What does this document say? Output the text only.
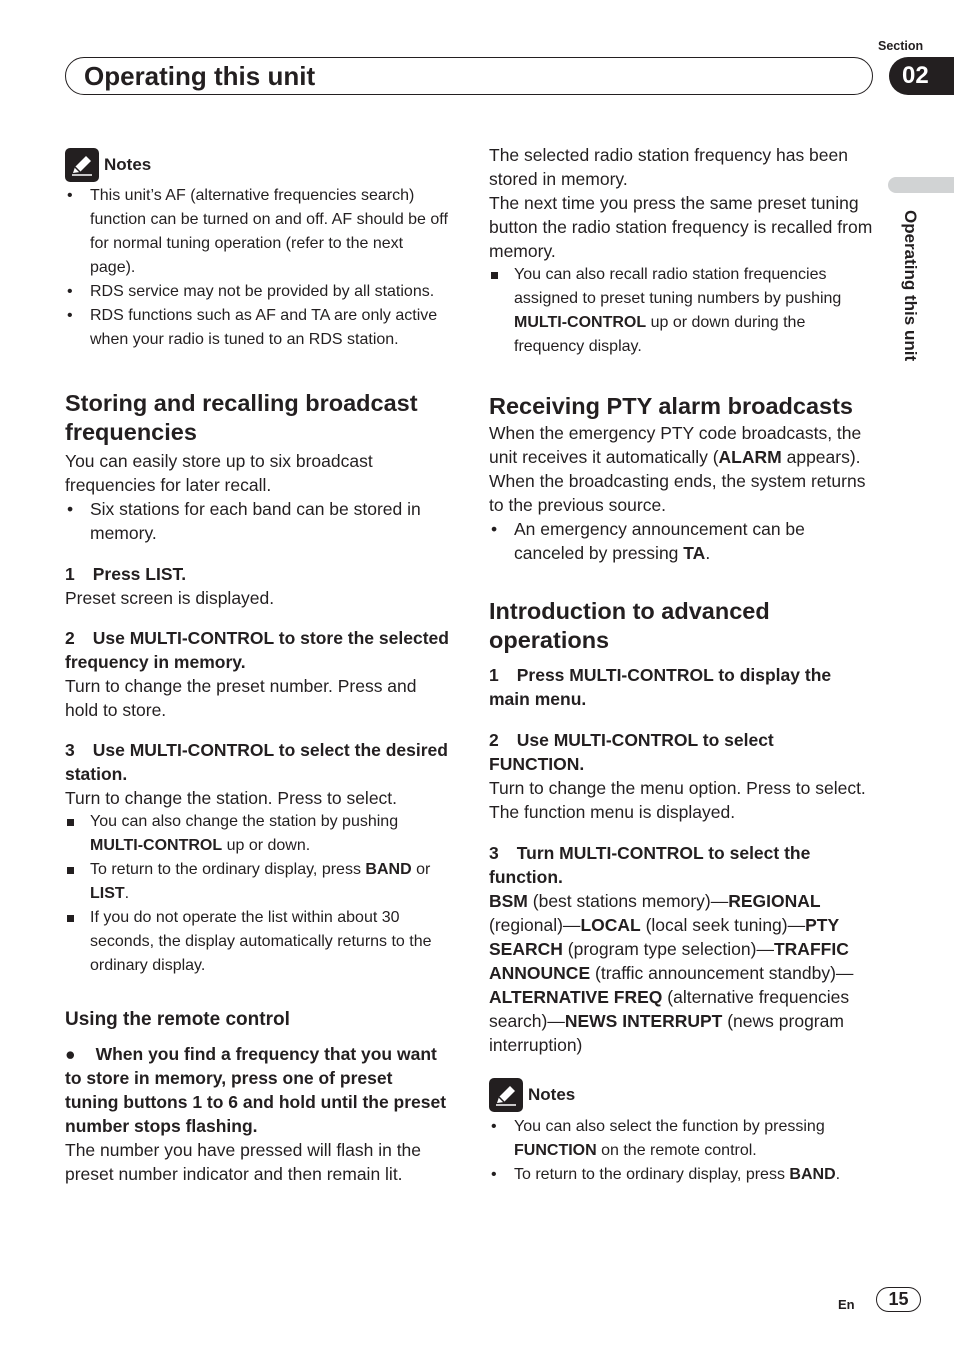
Section
Operating this unit	02
Operating this unit
Notes

• This unit’s AF (alternative frequencies search) function can be turned on and off. AF should be off for normal tuning operation (refer to the next page).

• RDS service may not be provided by all stations.

• RDS functions such as AF and TA are only active when your radio is tuned to an RDS station.

Storing and recalling broadcast frequencies

You can easily store up to six broadcast frequencies for later recall.

• Six stations for each band can be stored in memory.

1 Press LIST.

Preset screen is displayed.

2 Use MULTI-CONTROL to store the selected frequency in memory.

Turn to change the preset number. Press and hold to store.

3 Use MULTI-CONTROL to select the desired station.

Turn to change the station. Press to select.

You can also change the station by pushing MULTI-CONTROL up or down.

To return to the ordinary display, press BAND or LIST.

If you do not operate the list within about 30 seconds, the display automatically returns to the ordinary display.

Using the remote control

● When you find a frequency that you want to store in memory, press one of preset tuning buttons 1 to 6 and hold until the preset number stops flashing.

The number you have pressed will flash in the preset number indicator and then remain lit.

The selected radio station frequency has been stored in memory.

The next time you press the same preset tuning button the radio station frequency is recalled from memory.

You can also recall radio station frequencies assigned to preset tuning numbers by pushing MULTI-CONTROL up or down during the frequency display.

Receiving PTY alarm broadcasts

When the emergency PTY code broadcasts, the unit receives it automatically (ALARM appears). When the broadcasting ends, the system returns to the previous source.

• An emergency announcement can be canceled by pressing TA.

Introduction to advanced operations

1 Press MULTI-CONTROL to display the main menu.

2 Use MULTI-CONTROL to select FUNCTION.

Turn to change the menu option. Press to select.

The function menu is displayed.

3 Turn MULTI-CONTROL to select the function.

BSM (best stations memory)—REGIONAL (regional)—LOCAL (local seek tuning)—PTY SEARCH (program type selection)—TRAFFIC ANNOUNCE (traffic announcement standby)—ALTERNATIVE FREQ (alternative frequencies search)—NEWS INTERRUPT (news program interruption)

Notes

• You can also select the function by pressing FUNCTION on the remote control.

• To return to the ordinary display, press BAND.

En	15
